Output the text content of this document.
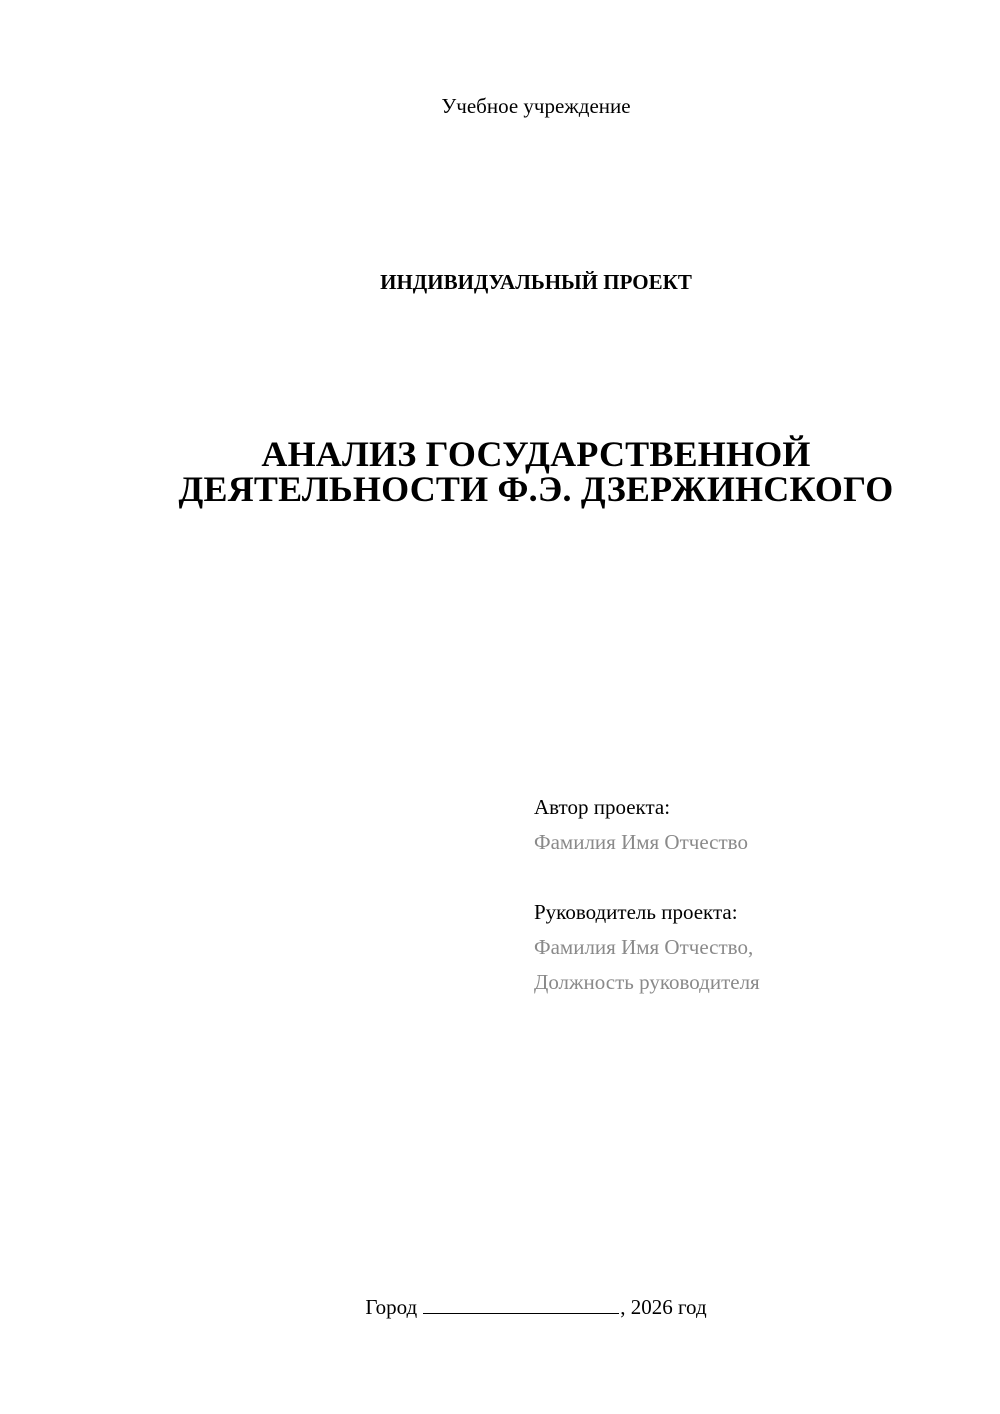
Учебное учреждение
ИНДИВИДУАЛЬНЫЙ ПРОЕКТ
АНАЛИЗ ГОСУДАРСТВЕННОЙ
ДЕЯТЕЛЬНОСТИ Ф.Э. ДЗЕРЖИНСКОГО
Автор проекта:
Фамилия Имя Отчество
Руководитель проекта:
Фамилия Имя Отчество,
Должность руководителя
Город	, 2026 год
